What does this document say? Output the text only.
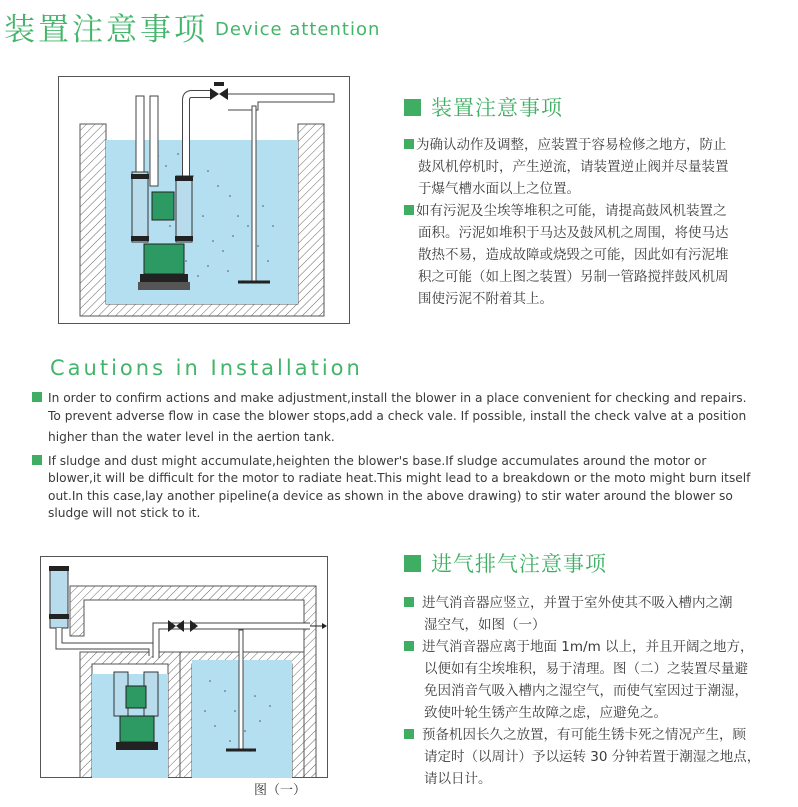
装置注意事项 Device attention
装置注意事项

为确认动作及调整，应装置于容易检修之地方，防止
鼓风机停机时，产生逆流，请装置逆止阀并尽量装置
于爆气槽水面以上之位置。

如有污泥及尘埃等堆积之可能，请提高鼓风机装置之
面积。污泥如堆积于马达及鼓风机之周围，将使马达
散热不易，造成故障或烧毁之可能，因此如有污泥堆
积之可能（如上图之装置）另制一管路搅拌鼓风机周
围使污泥不附着其上。

Cautions in Installation

In order to confirm actions and make adjustment,install the blower in a place convenient for checking and repairs.
To prevent adverse flow in case the blower stops,add a check vale. If possible, install the check valve at a position
higher than the water level in the aertion tank.

If sludge and dust might accumulate,heighten the blower's base.If sludge accumulates around the motor or
blower,it will be difficult for the motor to radiate heat.This might lead to a breakdown or the moto might burn itself
out.In this case,lay another pipeline(a device as shown in the above drawing) to stir water around the blower so
sludge will not stick to it.

图（一）
进气排气注意事项

进气消音器应竖立，并置于室外使其不吸入槽内之潮
湿空气，如图（一）

进气消音器应离于地面 1m/m 以上，并且开阔之地方，
以便如有尘埃堆积，易于清理。图（二）之装置尽量避
免因消音气吸入槽内之湿空气，而使气室因过于潮湿，
致使叶轮生锈产生故障之虑，应避免之。

预备机因长久之放置，有可能生锈卡死之情况产生，顾
请定时（以周计）予以运转 30 分钟若置于潮湿之地点，
请以日计。
